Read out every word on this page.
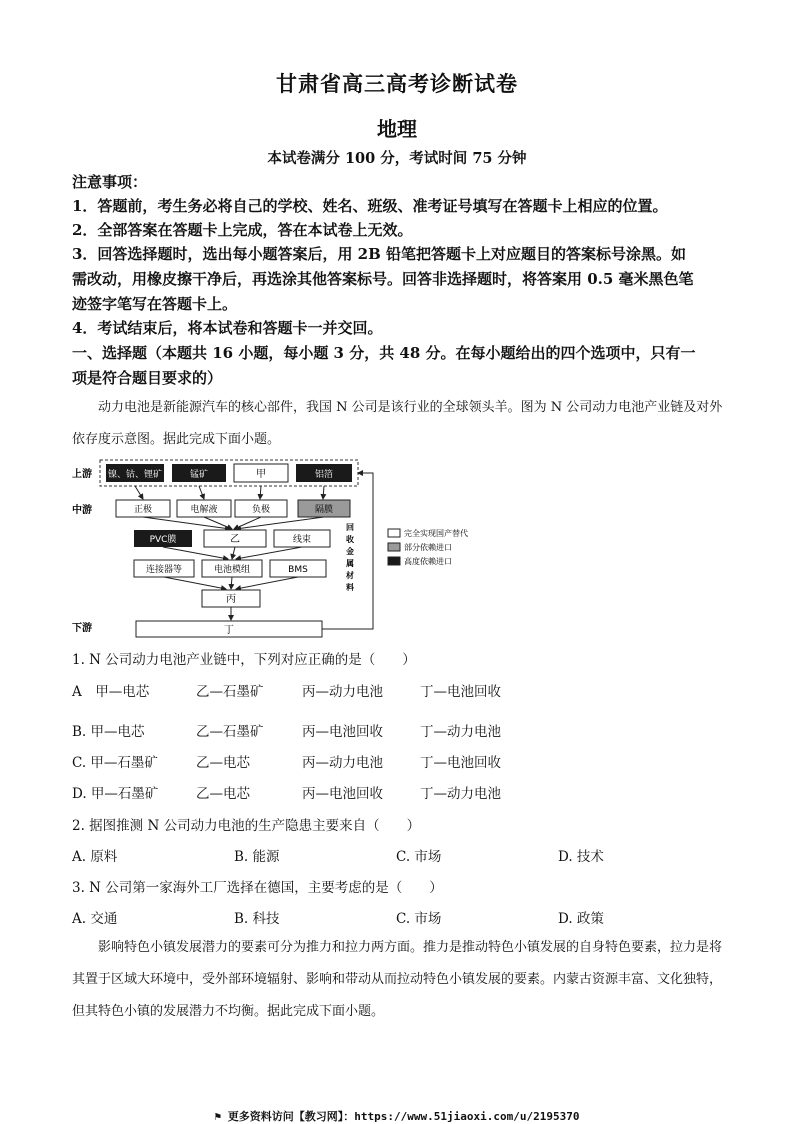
甘肃省高三高考诊断试卷
地理
本试卷满分 100 分，考试时间 75 分钟
注意事项：
1．答题前，考生务必将自己的学校、姓名、班级、准考证号填写在答题卡上相应的位置。
2．全部答案在答题卡上完成，答在本试卷上无效。
3．回答选择题时，选出每小题答案后，用 2B 铅笔把答题卡上对应题目的答案标号涂黑。如
需改动，用橡皮擦干净后，再选涂其他答案标号。回答非选择题时，将答案用 0.5 毫米黑色笔
迹签字笔写在答题卡上。
4．考试结束后，将本试卷和答题卡一并交回。
一、选择题（本题共 16 小题，每小题 3 分，共 48 分。在每小题给出的四个选项中，只有一
项是符合题目要求的）
动力电池是新能源汽车的核心部件，我国 N 公司是该行业的全球领头羊。图为 N 公司动力电池产业链及对外依存度示意图。据此完成下面小题。
上游
中游
下游
镍、钴、锂矿	锰矿	甲	铝箔
正极	电解液	负极	隔膜
PVC膜	乙	线束
连接器等	电池模组	BMS
丙
丁
回
收
金
属
材
料
完全实现国产替代
部分依赖进口
高度依赖进口
1. N 公司动力电池产业链中，下列对应正确的是（　　）
A　甲—电芯	乙—石墨矿	丙—动力电池	丁—电池回收
B. 甲—电芯	乙—石墨矿	丙—电池回收	丁—动力电池
C. 甲—石墨矿	乙—电芯	丙—动力电池	丁—电池回收
D. 甲—石墨矿	乙—电芯	丙—电池回收	丁—动力电池
2. 据图推测 N 公司动力电池的生产隐患主要来自（　　）
A. 原料	B. 能源	C. 市场	D. 技术
3. N 公司第一家海外工厂选择在德国，主要考虑的是（　　）
A. 交通	B. 科技	C. 市场	D. 政策
影响特色小镇发展潜力的要素可分为推力和拉力两方面。推力是推动特色小镇发展的自身特色要素，拉力是将其置于区域大环境中，受外部环境辐射、影响和带动从而拉动特色小镇发展的要素。内蒙古资源丰富、文化独特，但其特色小镇的发展潜力不均衡。据此完成下面小题。
⚑ 更多资料访问【教习网】：https://www.51jiaoxi.com/u/2195370
